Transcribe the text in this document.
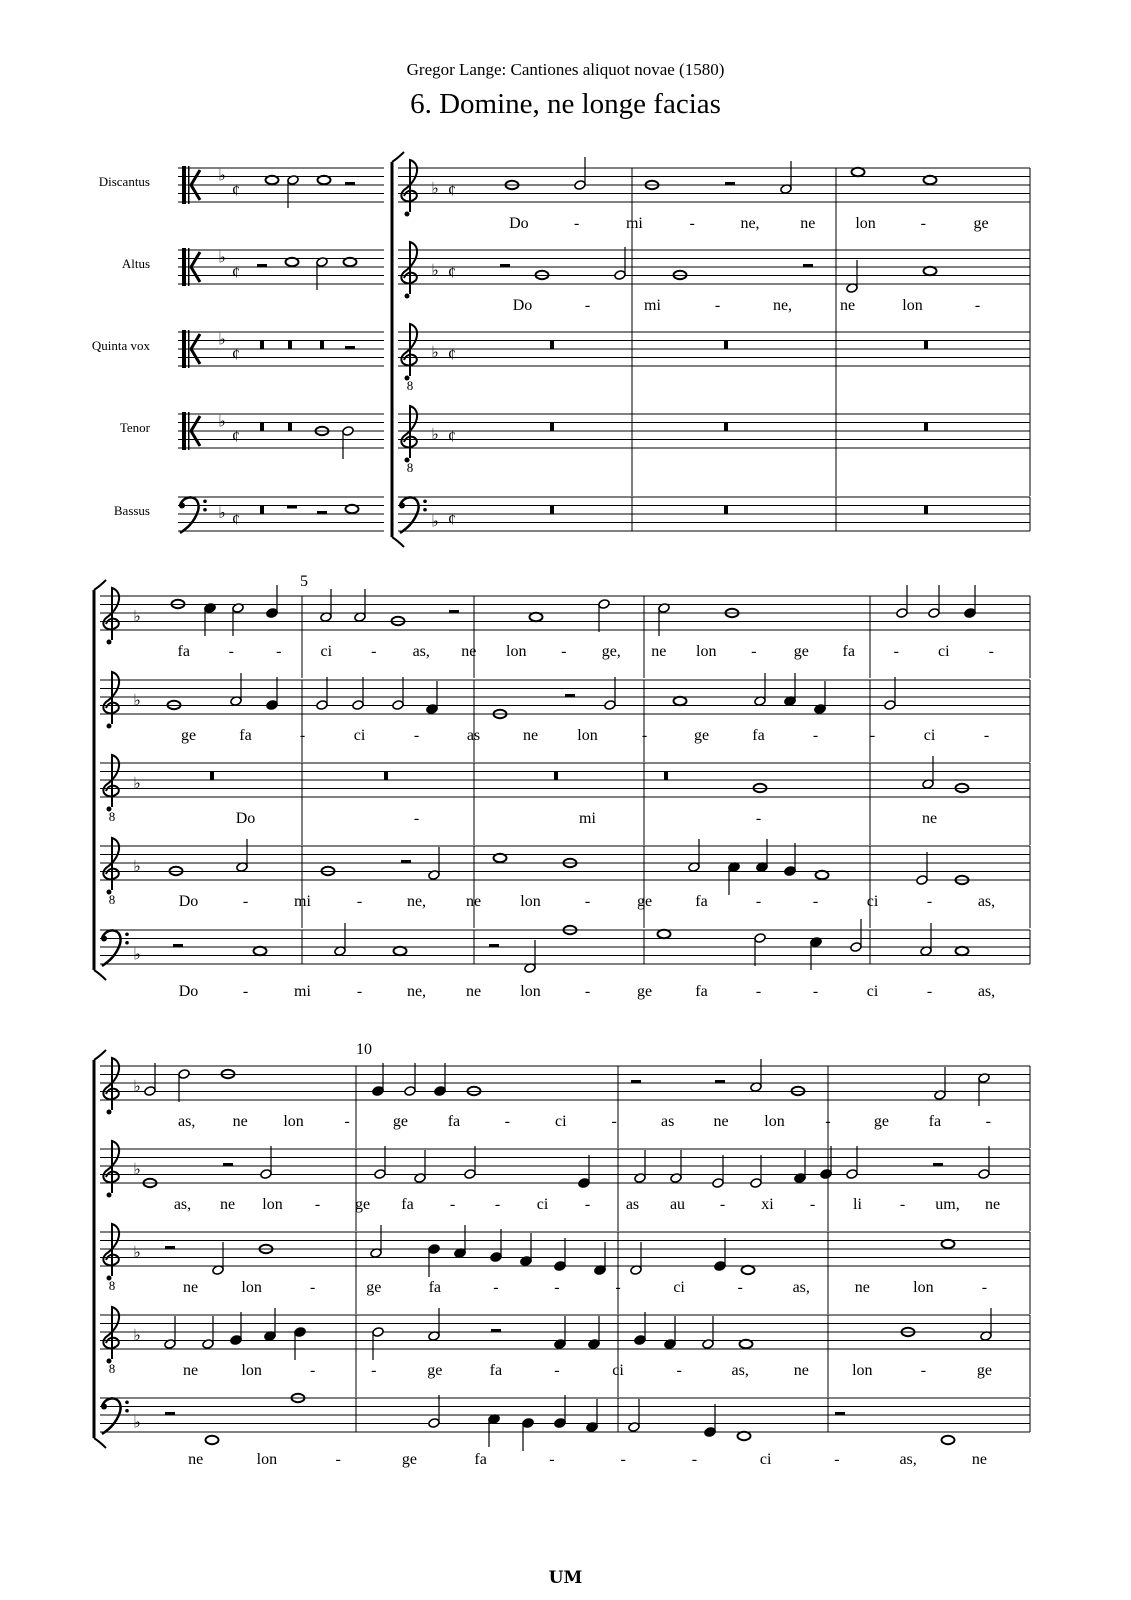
Gregor Lange: Cantiones aliquot novae (1580)
6. Domine, ne longe facias
Discantus	♭
¢	♭ ¢
Altus	♭
¢	♭ ¢
Quinta vox	♭
¢
8
♭ ¢
Tenor	♭
¢
8
♭ ¢
Bassus	♭ ¢	♭ ¢
♭
♭
8
♭
8
♭
♭
♭
♭
8
♭
8
♭
♭
5
10
Do	-	mi	-	ne,	ne lon	-	ge
Do	-	mi	-	ne,	ne	lon	-
fa -	- ci - as, ne lon - ge, ne lon - ge fa - ci -
ge	fa	-	ci	-	as	ne lon	-	ge	fa	-	-	ci	-
Do	-	mi	-	ne
Do	-	mi	-	ne, ne lon	-	ge	fa	-	-	ci	-	as,
Do	-	mi	-	ne, ne lon	-	ge	fa	-	-	ci	-	as,
as, ne lon	-	ge fa	-	ci	-	as ne lon	-	ge fa	-
as, ne lon - ge fa - - ci - as au - xi - li - um, ne
ne	lon	-	ge	fa	-	-	-	ci	-	as,	ne	lon	-
ne	lon	-	-	ge	fa	-	ci	-	as,	ne	lon	-	ge
ne	lon	-	ge	fa	-	-	-	ci	-	as,	ne
UM
